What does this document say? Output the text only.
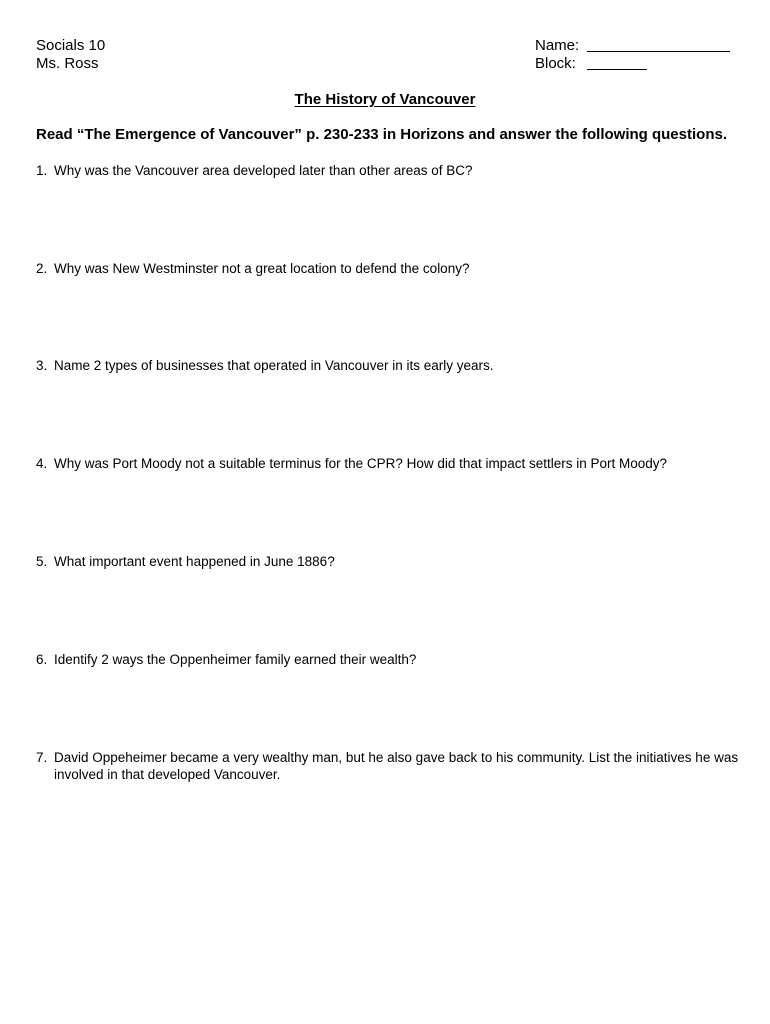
Socials 10
Ms. Ross
Name:
Block:
The History of Vancouver
Read “The Emergence of Vancouver” p. 230-233 in Horizons and answer the following questions.
1. Why was the Vancouver area developed later than other areas of BC?
2. Why was New Westminster not a great location to defend the colony?
3. Name 2 types of businesses that operated in Vancouver in its early years.
4. Why was Port Moody not a suitable terminus for the CPR? How did that impact settlers in Port Moody?
5. What important event happened in June 1886?
6. Identify 2 ways the Oppenheimer family earned their wealth?
7. David Oppeheimer became a very wealthy man, but he also gave back to his community. List the initiatives he was involved in that developed Vancouver.
